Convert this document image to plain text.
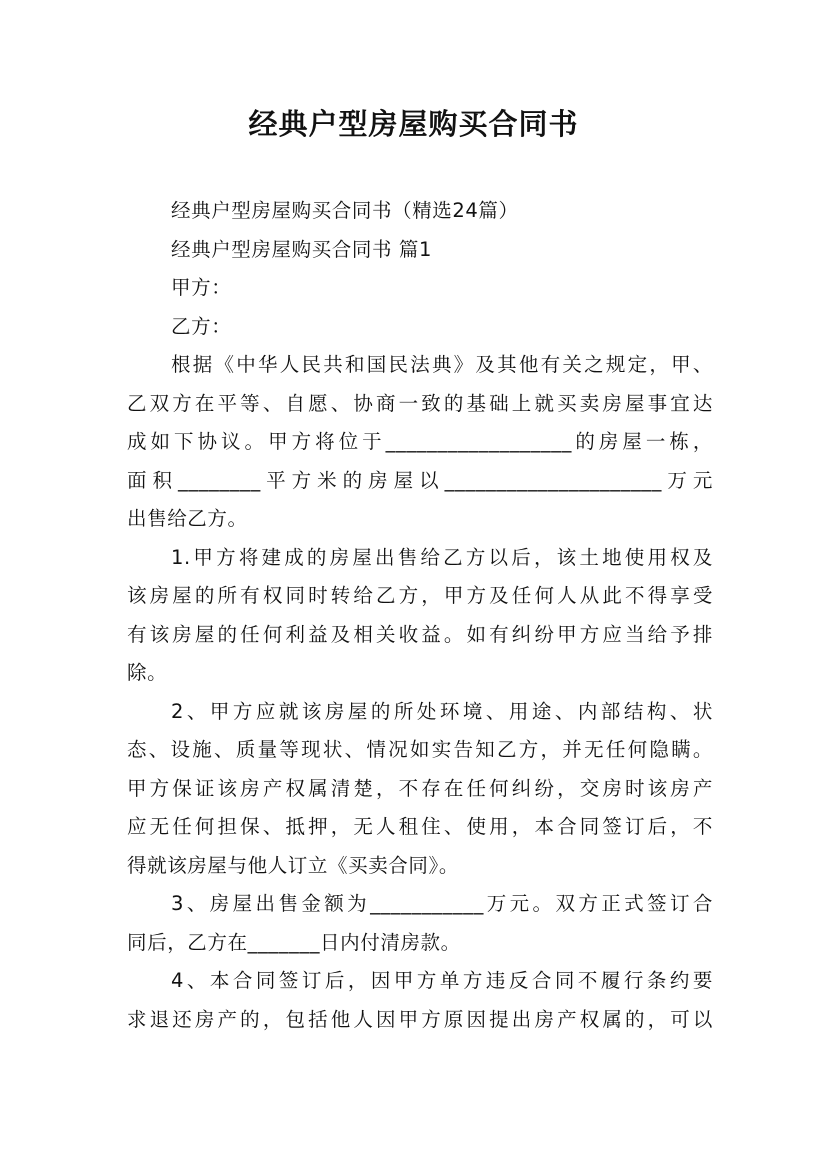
经典户型房屋购买合同书
经典户型房屋购买合同书（精选24篇）
经典户型房屋购买合同书 篇1
甲方：
乙方：
根据《中华人民共和国民法典》及其他有关之规定，甲、
乙双方在平等、自愿、协商一致的基础上就买卖房屋事宜达
成如下协议。甲方将位于__________________的房屋一栋，
面积________平方米的房屋以_____________________万元
出售给乙方。
1.甲方将建成的房屋出售给乙方以后，该土地使用权及
该房屋的所有权同时转给乙方，甲方及任何人从此不得享受
有该房屋的任何利益及相关收益。如有纠纷甲方应当给予排
除。
2、甲方应就该房屋的所处环境、用途、内部结构、状
态、设施、质量等现状、情况如实告知乙方，并无任何隐瞒。
甲方保证该房产权属清楚，不存在任何纠纷，交房时该房产
应无任何担保、抵押，无人租住、使用，本合同签订后，不
得就该房屋与他人订立《买卖合同》。
3、房屋出售金额为___________万元。双方正式签订合
同后，乙方在_______日内付清房款。
4、本合同签订后，因甲方单方违反合同不履行条约要
求退还房产的，包括他人因甲方原因提出房产权属的，可以
